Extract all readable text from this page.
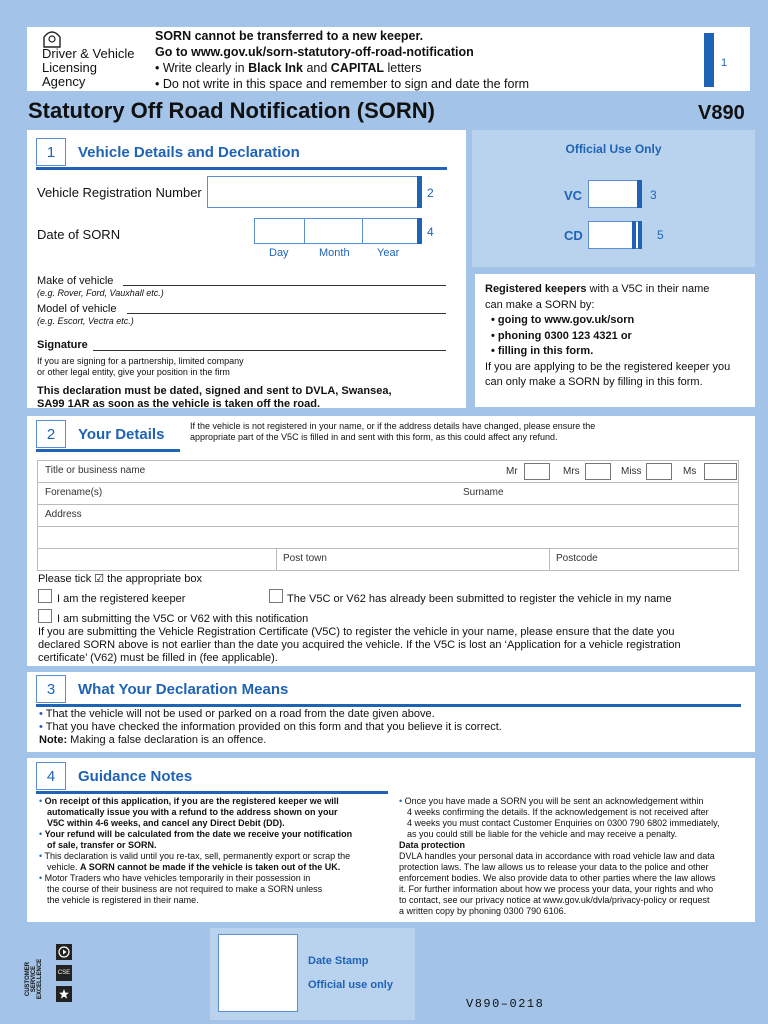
Driver & Vehicle
Licensing
Agency
SORN cannot be transferred to a new keeper.
Go to www.gov.uk/sorn-statutory-off-road-notification
• Write clearly in Black Ink and CAPITAL letters
• Do not write in this space and remember to sign and date the form
1
Statutory Off Road Notification (SORN)	V890
1	Vehicle Details and Declaration
Vehicle Registration Number	2
Date of SORN	4
Day	Month Year
Make of vehicle
(e.g. Rover, Ford, Vauxhall etc.)
Model of vehicle
(e.g. Escort, Vectra etc.)
Signature
If you are signing for a partnership, limited company
or other legal entity, give your position in the firm
This declaration must be dated, signed and sent to DVLA, Swansea,
SA99 1AR as soon as the vehicle is taken off the road.
Official Use Only
VC	3
CD	5
Registered keepers with a V5C in their name
can make a SORN by:
• going to www.gov.uk/sorn
• phoning 0300 123 4321 or
• filling in this form.
If you are applying to be the registered keeper you
can only make a SORN by filling in this form.
2	Your Details	If the vehicle is not registered in your name, or if the address details have changed, please ensure the
appropriate part of the V5C is filled in and sent with this form, as this could affect any refund.
Title or business name	Mr	Mrs	Miss	Ms
Forename(s)	Surname
Address
Post town	Postcode
Please tick ☑ the appropriate box
I am the registered keeper	The V5C or V62 has already been submitted to register the vehicle in my name
I am submitting the V5C or V62 with this notification
If you are submitting the Vehicle Registration Certificate (V5C) to register the vehicle in your name, please ensure that the date you
declared SORN above is not earlier than the date you acquired the vehicle. If the V5C is lost an ‘Application for a vehicle registration
certificate’ (V62) must be filled in (fee applicable).
3	What Your Declaration Means
• That the vehicle will not be used or parked on a road from the date given above.
• That you have checked the information provided on this form and that you believe it is correct.
Note: Making a false declaration is an offence.
4	Guidance Notes
• On receipt of this application, if you are the registered keeper we will
automatically issue you with a refund to the address shown on your
V5C within 4-6 weeks, and cancel any Direct Debit (DD).
• Your refund will be calculated from the date we receive your notification
of sale, transfer or SORN.
• This declaration is valid until you re-tax, sell, permanently export or scrap the
vehicle. A SORN cannot be made if the vehicle is taken out of the UK.
• Motor Traders who have vehicles temporarily in their possession in
the course of their business are not required to make a SORN unless
the vehicle is registered in their name.
• Once you have made a SORN you will be sent an acknowledgement within
4 weeks confirming the details. If the acknowledgement is not received after
4 weeks you must contact Customer Enquiries on 0300 790 6802 immediately,
as you could still be liable for the vehicle and may receive a penalty.
Data protection
DVLA handles your personal data in accordance with road vehicle law and data
protection laws. The law allows us to release your data to the police and other
enforcement bodies. We also provide data to other parties where the law allows
it. For further information about how we process your data, your rights and who
to contact, see our privacy notice at www.gov.uk/dvla/privacy-policy or request
a written copy by phoning 0300 790 6106.
CUSTOMER SERVICE EXCELLENCE	CSE
Date Stamp
Official use only
V890–0218
